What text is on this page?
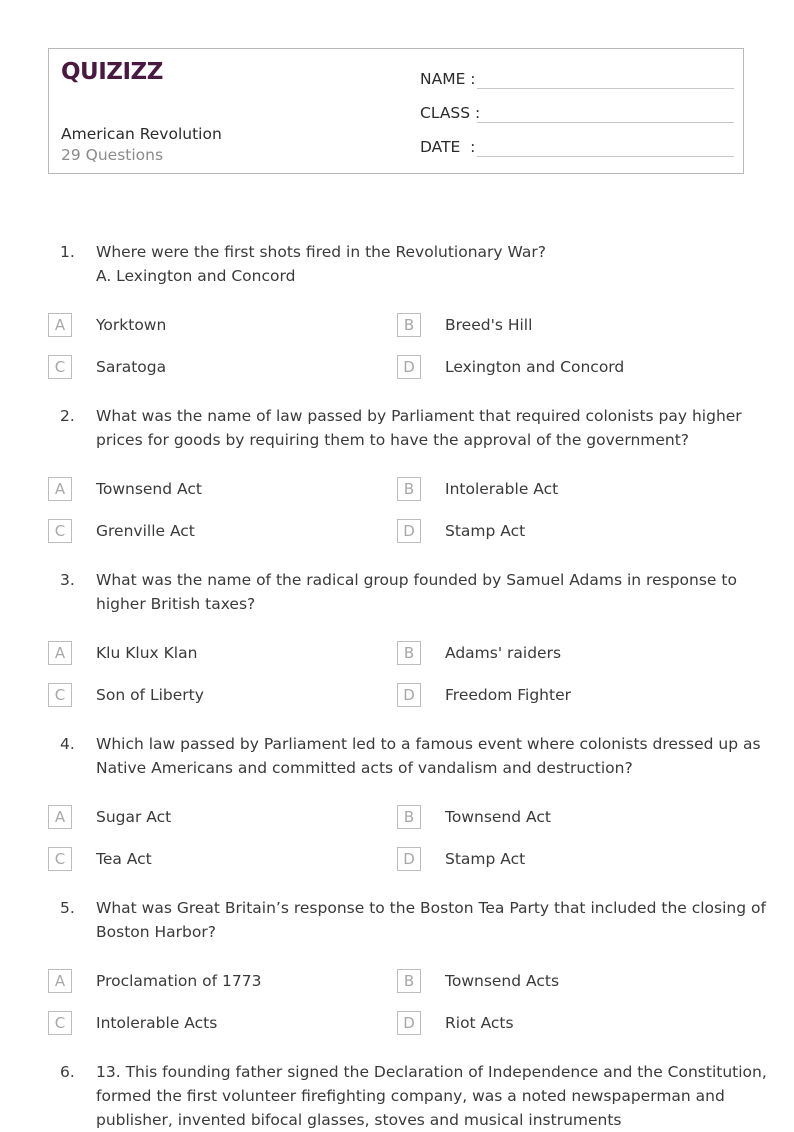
QUIZIZZ
American Revolution
29 Questions
NAME :
CLASS :
DATE  :
1. Where were the first shots fired in the Revolutionary War?
A. Lexington and Concord
A	Yorktown	B	Breed's Hill
C	Saratoga	D	Lexington and Concord
2. What was the name of law passed by Parliament that required colonists pay higher
prices for goods by requiring them to have the approval of the government?
A	Townsend Act	B	Intolerable Act
C	Grenville Act	D	Stamp Act
3. What was the name of the radical group founded by Samuel Adams in response to
higher British taxes?
A	Klu Klux Klan	B	Adams' raiders
C	Son of Liberty	D	Freedom Fighter
4. Which law passed by Parliament led to a famous event where colonists dressed up as
Native Americans and committed acts of vandalism and destruction?
A	Sugar Act	B	Townsend Act
C	Tea Act	D	Stamp Act
5. What was Great Britain’s response to the Boston Tea Party that included the closing of
Boston Harbor?
A	Proclamation of 1773	B	Townsend Acts
C	Intolerable Acts	D	Riot Acts
6. 13. This founding father signed the Declaration of Independence and the Constitution,
formed the first volunteer firefighting company, was a noted newspaperman and
publisher, invented bifocal glasses, stoves and musical instruments
